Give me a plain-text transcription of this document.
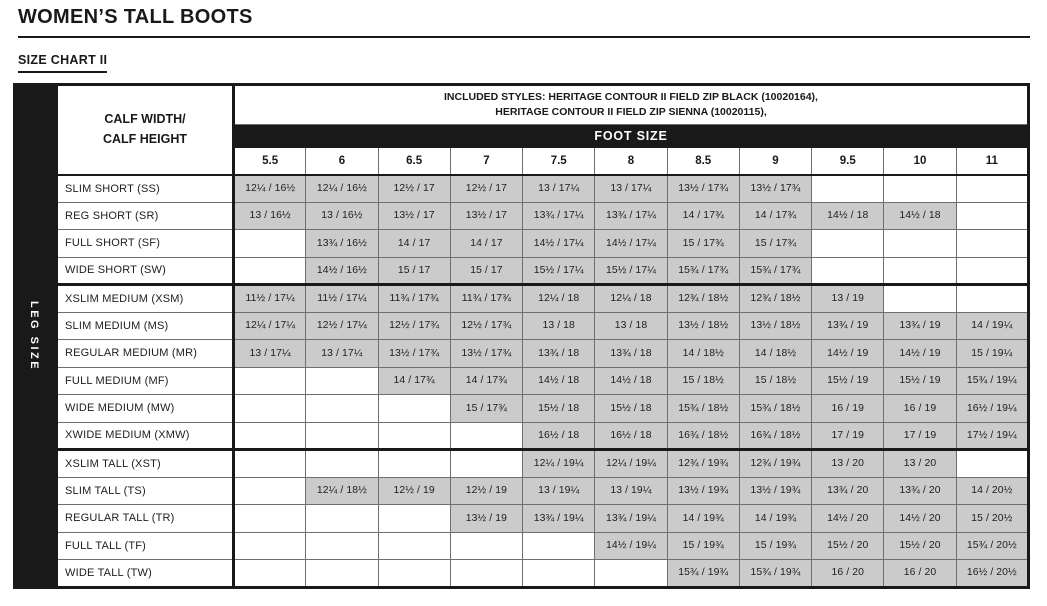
WOMEN’S TALL BOOTS
SIZE CHART II
LEG SIZE
CALF WIDTH/
CALF HEIGHT

INCLUDED STYLES: HERITAGE CONTOUR II FIELD ZIP BLACK (10020164),
HERITAGE CONTOUR II FIELD ZIP SIENNA (10020115),

	FOOT SIZE										
	5.5	6	6.5	7	7.5	8	8.5	9	9.5	10	11
SLIM SHORT (SS)	12¼ / 16½	12¼ / 16½	12½ / 17	12½ / 17	13 / 17¼	13 / 17¼	13½ / 17¾	13½ / 17¾			
REG SHORT (SR)	13 / 16½	13 / 16½	13½ / 17	13½ / 17	13¾ / 17¼	13¾ / 17¼	14 / 17¾	14 / 17¾	14½ / 18	14½ / 18	
FULL SHORT (SF)		13¾ / 16½	14 / 17	14 / 17	14½ / 17¼	14½ / 17¼	15 / 17¾	15 / 17¾			
WIDE SHORT (SW)		14½ / 16½	15 / 17	15 / 17	15½ / 17¼	15½ / 17¼	15¾ / 17¾	15¾ / 17¾			
XSLIM MEDIUM (XSM)	11½ / 17¼	11½ / 17¼	11¾ / 17¾	11¾ / 17¾	12¼ / 18	12¼ / 18	12¾ / 18½	12¾ / 18½	13 / 19		
SLIM MEDIUM (MS)	12¼ / 17¼	12½ / 17¼	12½ / 17¾	12½ / 17¾	13 / 18	13 / 18	13½ / 18½	13½ / 18½	13¾ / 19	13¾ / 19	14 / 19¼
REGULAR MEDIUM (MR)	13 / 17¼	13 / 17¼	13½ / 17¾	13½ / 17¾	13¾ / 18	13¾ / 18	14 / 18½	14 / 18½	14½ / 19	14½ / 19	15 / 19¼
FULL MEDIUM (MF)			14 / 17¾	14 / 17¾	14½ / 18	14½ / 18	15 / 18½	15 / 18½	15½ / 19	15½ / 19	15¾ / 19¼
WIDE MEDIUM (MW)				15 / 17¾	15½ / 18	15½ / 18	15¾ / 18½	15¾ / 18½	16 / 19	16 / 19	16½ / 19¼
XWIDE MEDIUM (XMW)					16½ / 18	16½ / 18	16¾ / 18½	16¾ / 18½	17 / 19	17 / 19	17½ / 19¼
XSLIM TALL (XST)					12¼ / 19¼	12¼ / 19¼	12¾ / 19¾	12¾ / 19¾	13 / 20	13 / 20	
SLIM TALL (TS)		12¼ / 18½	12½ / 19	12½ / 19	13 / 19¼	13 / 19¼	13½ / 19¾	13½ / 19¾	13¾ / 20	13¾ / 20	14 / 20½
REGULAR TALL (TR)				13½ / 19	13¾ / 19¼	13¾ / 19¼	14 / 19¾	14 / 19¾	14½ / 20	14½ / 20	15 / 20½
FULL TALL (TF)						14½ / 19¼	15 / 19¾	15 / 19¾	15½ / 20	15½ / 20	15¾ / 20½
WIDE TALL (TW)							15¾ / 19¾	15¾ / 19¾	16 / 20	16 / 20	16½ / 20½
